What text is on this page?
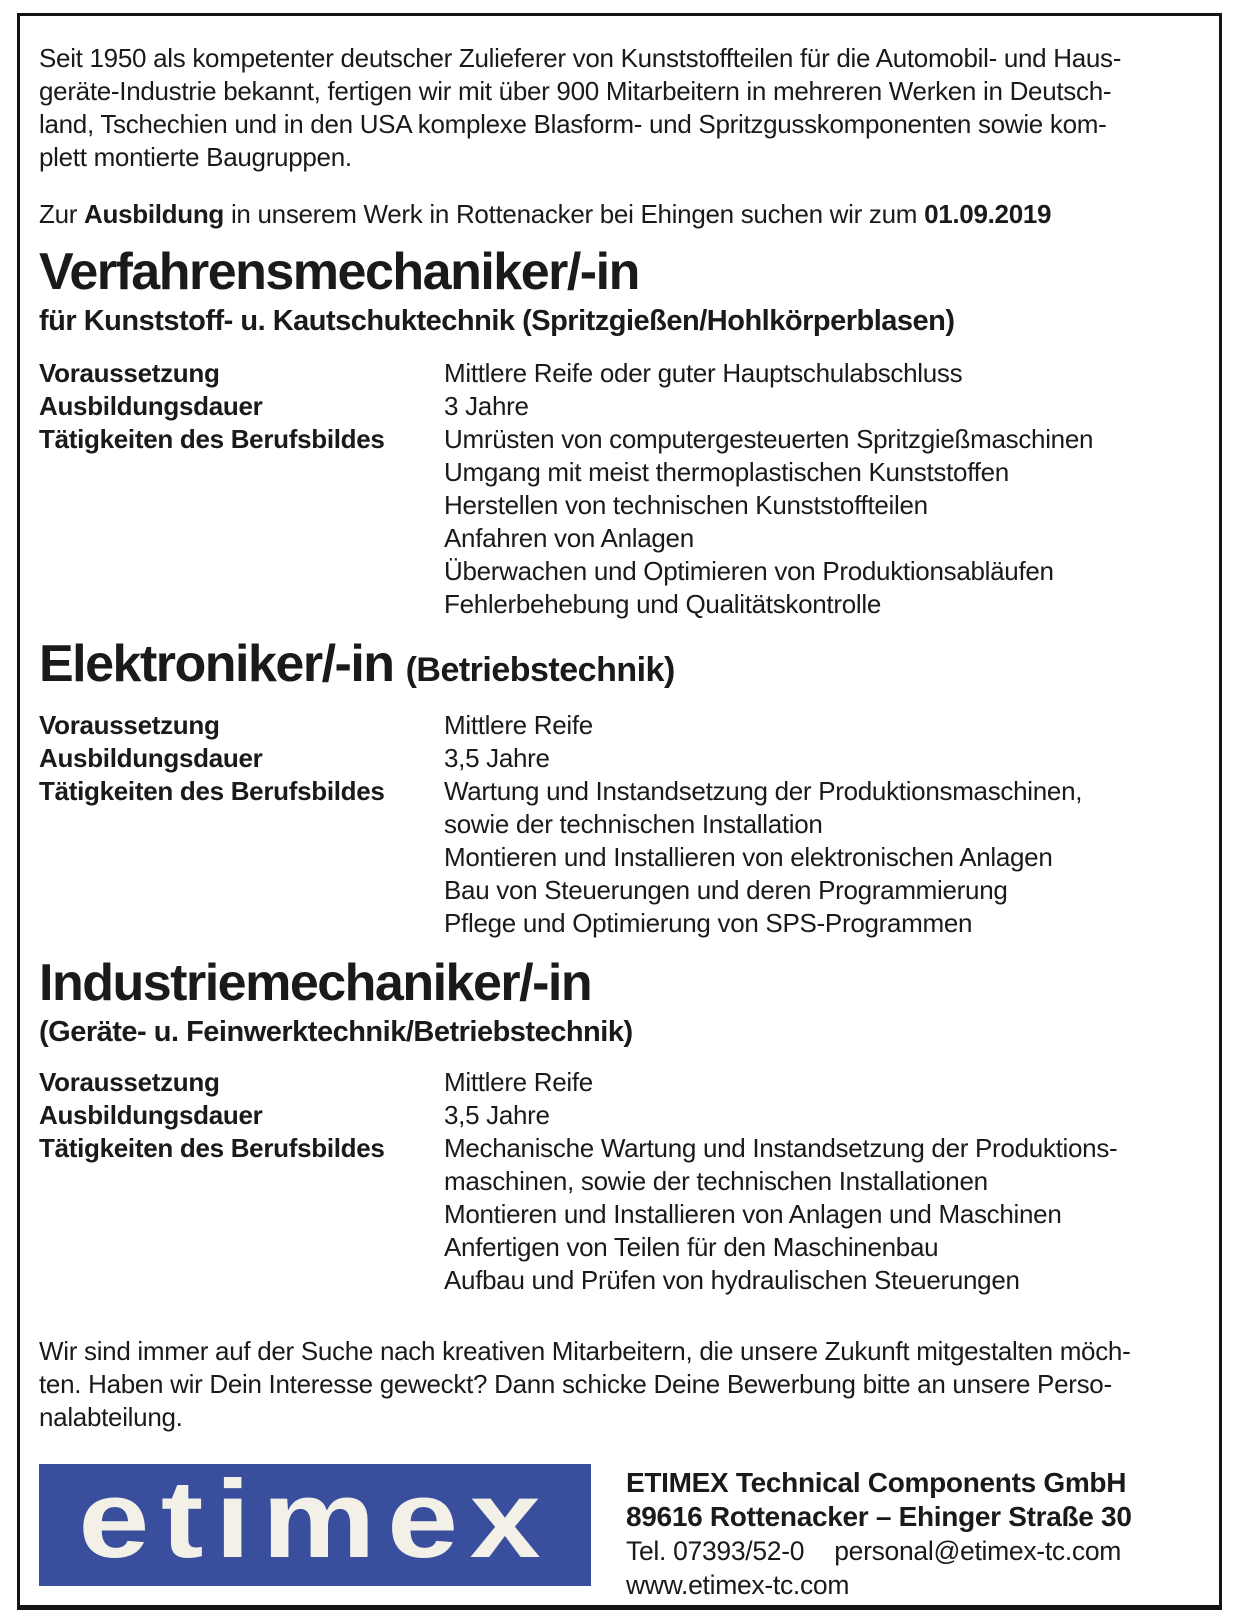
Seit 1950 als kompetenter deutscher Zulieferer von Kunststoffteilen für die Automobil- und Haus-
geräte-Industrie bekannt, fertigen wir mit über 900 Mitarbeitern in mehreren Werken in Deutsch-
land, Tschechien und in den USA komplexe Blasform- und Spritzgusskomponenten sowie kom-
plett montierte Baugruppen.
Zur Ausbildung in unserem Werk in Rottenacker bei Ehingen suchen wir zum 01.09.2019
Verfahrensmechaniker/-in
für Kunststoff- u. Kautschuktechnik (Spritzgießen/Hohlkörperblasen)
Voraussetzung	Mittlere Reife oder guter Hauptschulabschluss
Ausbildungsdauer	3 Jahre
Tätigkeiten des Berufsbildes	Umrüsten von computergesteuerten Spritzgießmaschinen
Umgang mit meist thermoplastischen Kunststoffen
Herstellen von technischen Kunststoffteilen
Anfahren von Anlagen
Überwachen und Optimieren von Produktionsabläufen
Fehlerbehebung und Qualitätskontrolle
Elektroniker/-in (Betriebstechnik)
Voraussetzung	Mittlere Reife
Ausbildungsdauer	3,5 Jahre
Tätigkeiten des Berufsbildes	Wartung und Instandsetzung der Produktionsmaschinen,
sowie der technischen Installation
Montieren und Installieren von elektronischen Anlagen
Bau von Steuerungen und deren Programmierung
Pflege und Optimierung von SPS-Programmen
Industriemechaniker/-in
(Geräte- u. Feinwerktechnik/Betriebstechnik)
Voraussetzung	Mittlere Reife
Ausbildungsdauer	3,5 Jahre
Tätigkeiten des Berufsbildes	Mechanische Wartung und Instandsetzung der Produktions-
maschinen, sowie der technischen Installationen
Montieren und Installieren von Anlagen und Maschinen
Anfertigen von Teilen für den Maschinenbau
Aufbau und Prüfen von hydraulischen Steuerungen
Wir sind immer auf der Suche nach kreativen Mitarbeitern, die unsere Zukunft mitgestalten möch-
ten. Haben wir Dein Interesse geweckt? Dann schicke Deine Bewerbung bitte an unsere Perso-
nalabteilung.
etimex	ETIMEX Technical Components GmbH
89616 Rottenacker – Ehinger Straße 30
Tel. 07393/52-0 personal@etimex-tc.com
www.etimex-tc.com
